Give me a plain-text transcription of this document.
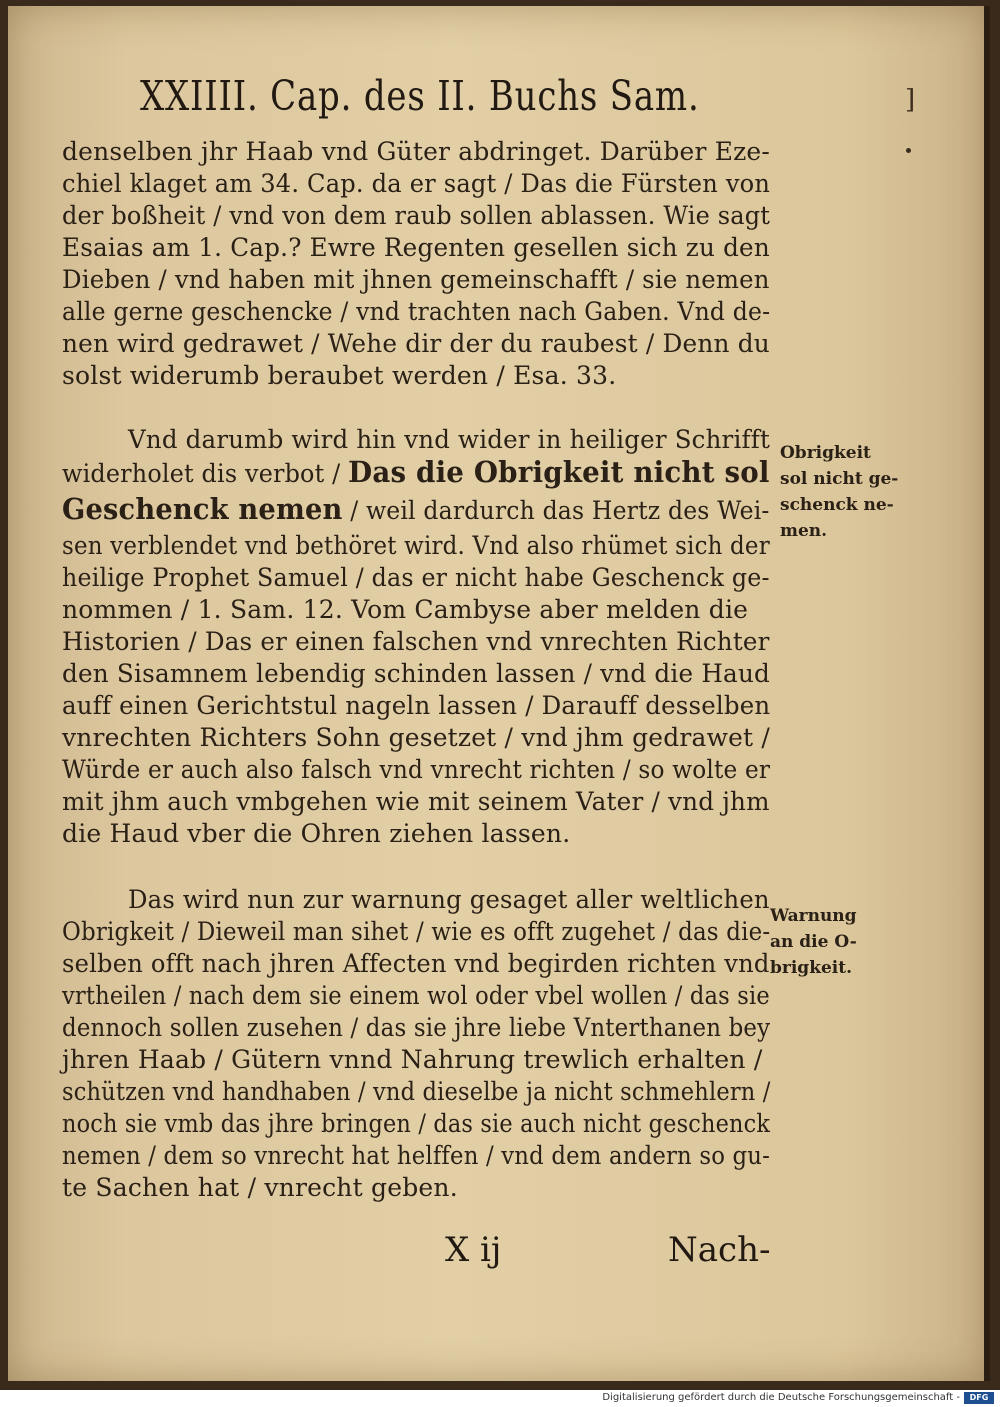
XXIIII. Cap. des II. Buchs Sam.	]
denselben jhr Haab vnd Güter abdringet. Darüber Eze-
chiel klaget am 34. Cap. da er sagt / Das die Fürsten von
der boßheit / vnd von dem raub sollen ablassen. Wie sagt
Esaias am 1. Cap.? Ewre Regenten gesellen sich zu den
Dieben / vnd haben mit jhnen gemeinschafft / sie nemen
alle gerne geschencke / vnd trachten nach Gaben. Vnd de-
nen wird gedrawet / Wehe dir der du raubest / Denn du
solst widerumb beraubet werden / Esa. 33.
Vnd darumb wird hin vnd wider in heiliger Schrifft
widerholet dis verbot / Das die Obrigkeit nicht sol
Geschenck nemen / weil dardurch das Hertz des Wei-
sen verblendet vnd bethöret wird. Vnd also rhümet sich der
heilige Prophet Samuel / das er nicht habe Geschenck ge-
nommen / 1. Sam. 12. Vom Cambyse aber melden die
Historien / Das er einen falschen vnd vnrechten Richter
den Sisamnem lebendig schinden lassen / vnd die Haud
auff einen Gerichtstul nageln lassen / Darauff desselben
vnrechten Richters Sohn gesetzet / vnd jhm gedrawet /
Würde er auch also falsch vnd vnrecht richten / so wolte er
mit jhm auch vmbgehen wie mit seinem Vater / vnd jhm
die Haud vber die Ohren ziehen lassen.
Das wird nun zur warnung gesaget aller weltlichen
Obrigkeit / Dieweil man sihet / wie es offt zugehet / das die-
selben offt nach jhren Affecten vnd begirden richten vnd
vrtheilen / nach dem sie einem wol oder vbel wollen / das sie
dennoch sollen zusehen / das sie jhre liebe Vnterthanen bey
jhren Haab / Gütern vnnd Nahrung trewlich erhalten /
schützen vnd handhaben / vnd dieselbe ja nicht schmehlern /
noch sie vmb das jhre bringen / das sie auch nicht geschenck
nemen / dem so vnrecht hat helffen / vnd dem andern so gu-
te Sachen hat / vnrecht geben.
Obrigkeit
sol nicht ge-
schenck ne-
men.
Warnung
an die O-
brigkeit.
X ij	Nach-
Digitalisierung gefördert durch die Deutsche Forschungsgemeinschaft -	DFG
